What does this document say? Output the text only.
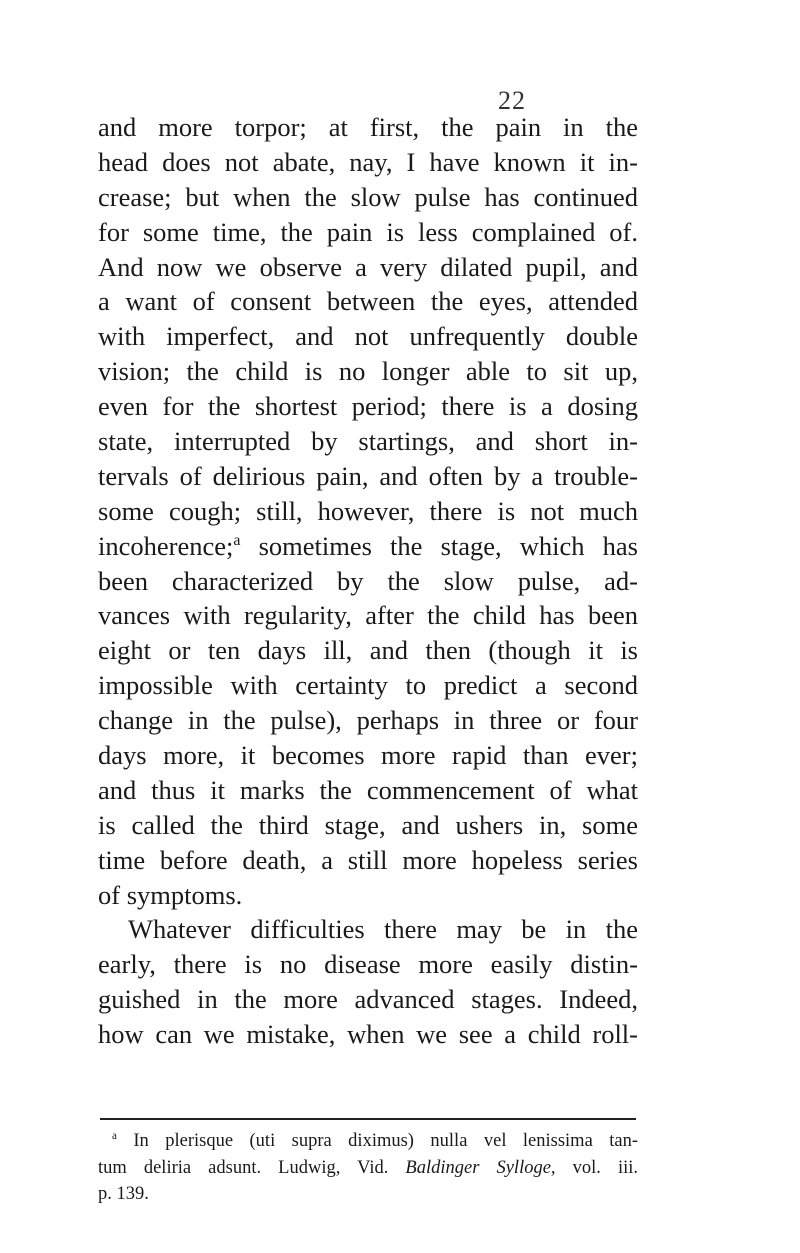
22
and more torpor; at first, the pain in the
head does not abate, nay, I have known it in-
crease; but when the slow pulse has continued
for some time, the pain is less complained of.
And now we observe a very dilated pupil, and
a want of consent between the eyes, attended
with imperfect, and not unfrequently double
vision; the child is no longer able to sit up,
even for the shortest period; there is a dosing
state, interrupted by startings, and short in-
tervals of delirious pain, and often by a trouble-
some cough; still, however, there is not much
incoherence;$^a$ sometimes the stage, which has
been characterized by the slow pulse, ad-
vances with regularity, after the child has been
eight or ten days ill, and then (though it is
impossible with certainty to predict a second
change in the pulse), perhaps in three or four
days more, it becomes more rapid than ever;
and thus it marks the commencement of what
is called the third stage, and ushers in, some
time before death, a still more hopeless series
of symptoms.
Whatever difficulties there may be in the
early, there is no disease more easily distin-
guished in the more advanced stages. Indeed,
how can we mistake, when we see a child roll-
$^a$ In plerisque (uti supra diximus) nulla vel lenissima tan-
tum deliria adsunt. Ludwig, Vid. Baldinger Sylloge, vol. iii.
p. 139.
